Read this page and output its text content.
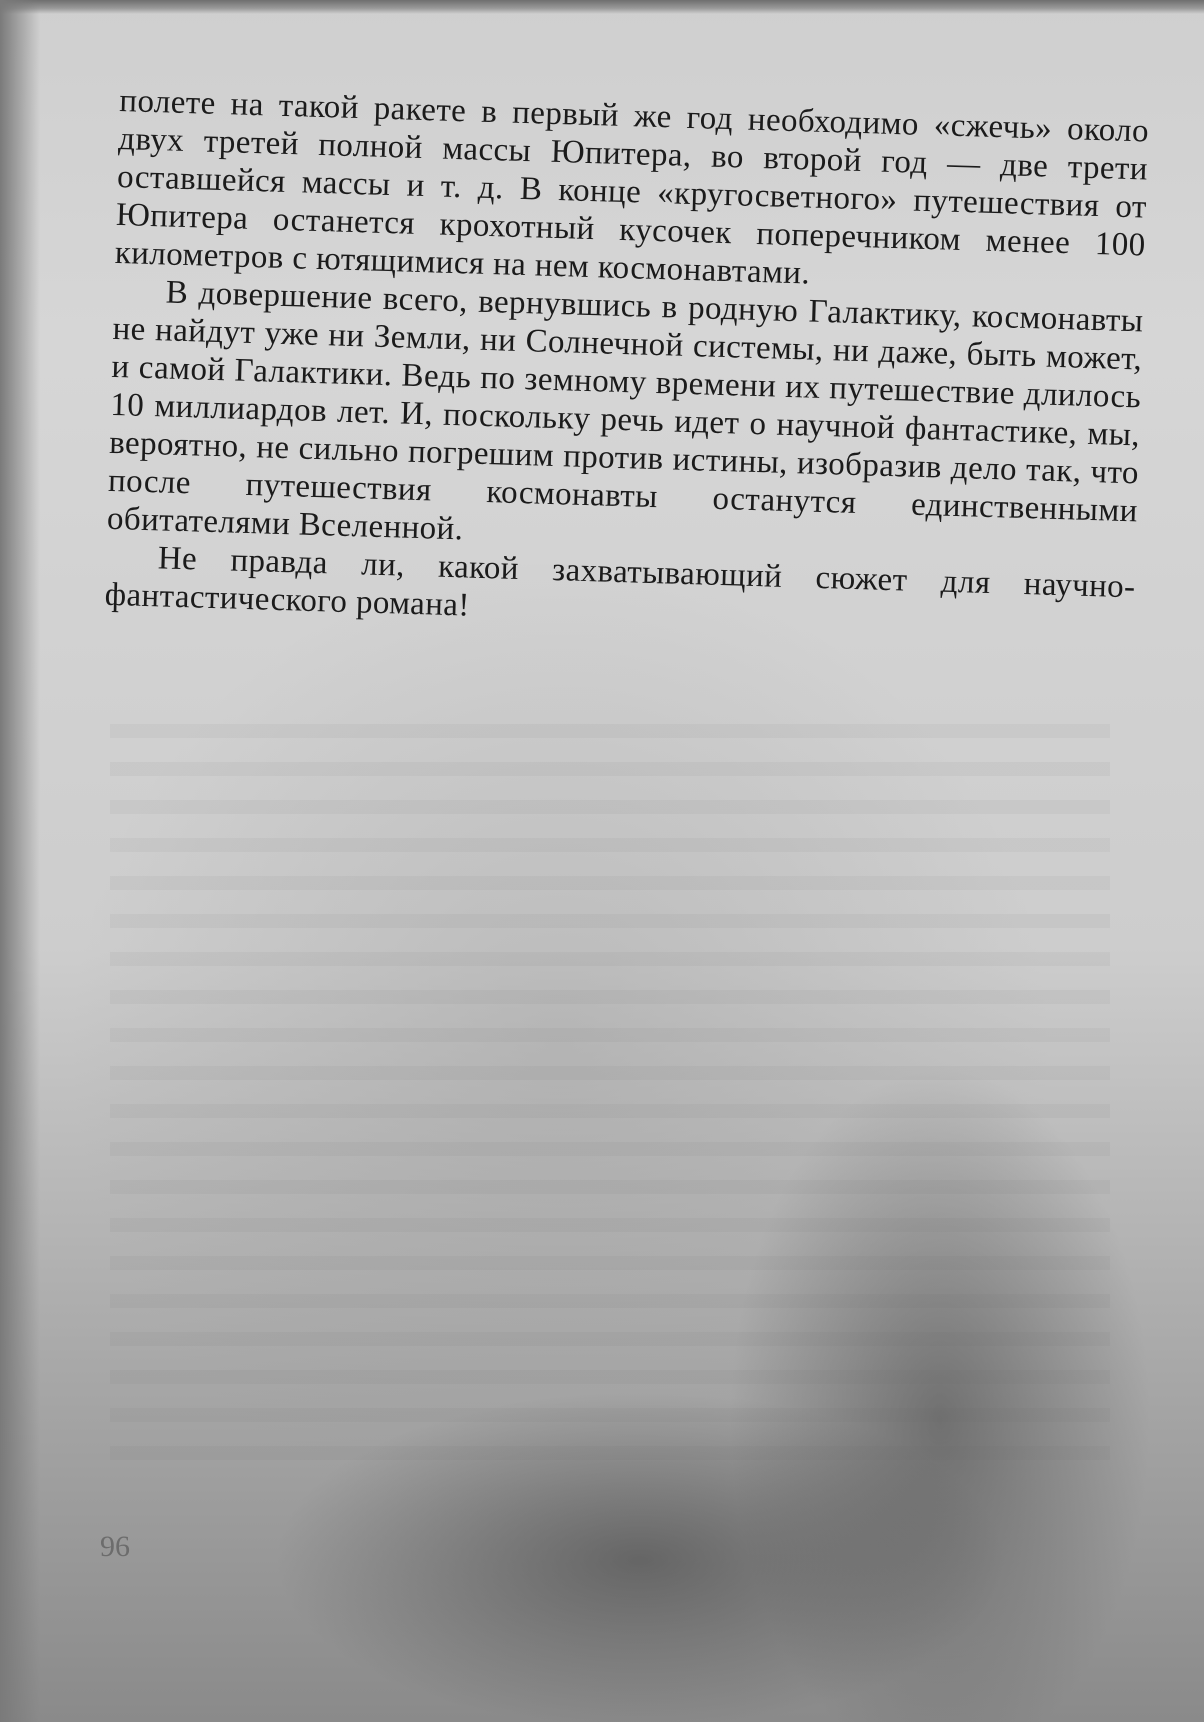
полете на такой ракете в первый же год необходимо «сжечь» около двух третей полной массы Юпитера, во второй год — две трети оставшейся массы и т. д. В конце «кругосветного» путешествия от Юпитера останется крохотный кусочек поперечником менее 100 километров с ютящимися на нем космонавтами.

В довершение всего, вернувшись в родную Галактику, космонавты не найдут уже ни Земли, ни Солнечной системы, ни даже, быть может, и самой Галактики. Ведь по земному времени их путешествие длилось 10 миллиардов лет. И, поскольку речь идет о научной фантастике, мы, вероятно, не сильно погрешим против истины, изобразив дело так, что после путешествия космонавты останутся единственными обитателями Вселенной.

Не правда ли, какой захватывающий сюжет для научно-фантастического романа!

96
